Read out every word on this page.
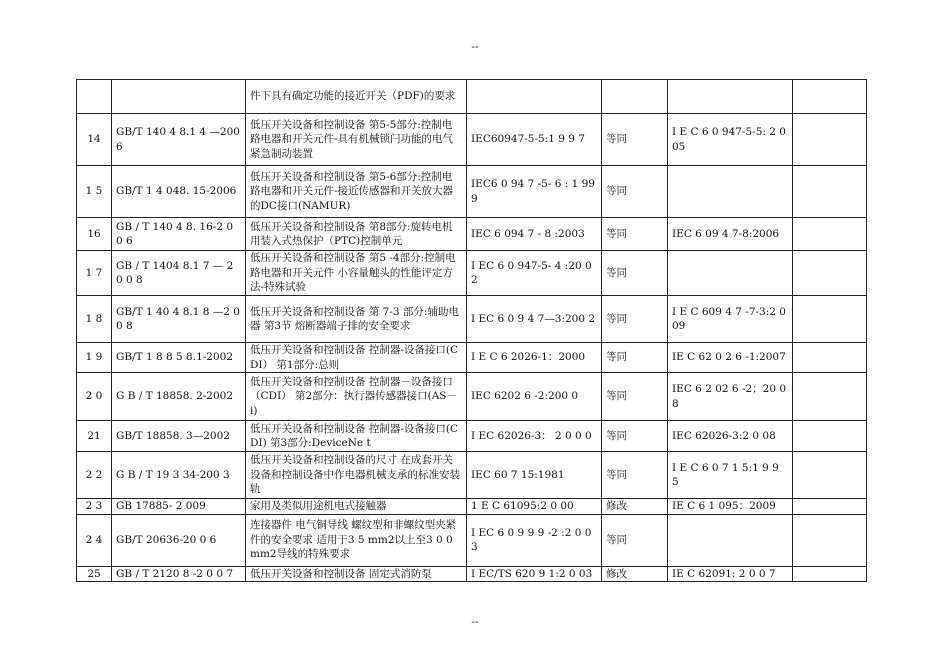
--
		件下具有确定功能的接近开关（PDF)的要求				
14	GB/T 140 4 8.1 4 —2006	低压开关设备和控制设备 第5-5部分:控制电路电器和开关元件-具有机械锁闩功能的电气紧急制动装置	IEC60947-5-5:1 9 9 7	等同	I E C 6 0 947-5-5: 2 005	
1 5	GB/T 1 4 048. 15-2006	低压开关设备和控制设备 第5-6部分:控制电路电器和开关元件-接近传感器和开关放大器的DC接口(NAMUR)	IEC6 0 94 7 -5- 6 : 1 999	等同		
16	GB / T 140 4 8. 16-2 0 0 6	低压开关设备和控制设备 第8部分:旋转电机用装入式热保护（PTC)控制单元	IEC 6 094 7 - 8 :2003	等同	IEC 6 09 4 7-8:2006	
1 7	GB / T 1404 8.1 7 — 2 0 0 8	低压开关设备和控制设备 第5 -4部分:控制电路电器和开关元件 小容量触头的性能评定方法-特殊试验	I EC 6 0 947-5- 4 :20 0 2	等同		
1 8	GB/T 1 40 4 8.1 8 —2 0 0 8	低压开关设备和控制设备 第 7-3 部分:辅助电器 第3节 熔断器端子排的安全要求	I EC 6 0 9 4 7—3:200 2	等同	I E C 609 4 7 -7-3:2 0 09	
1 9	GB/T 1 8 8 5 8.1-2002	低压开关设备和控制设备 控制器-设备接口(CDI） 第1部分:总则	I E C 6 2026-1：2000	等同	IE C 62 0 2 6 -1:2007	
2 0	G B / T 18858. 2-2002	低压开关设备和控制设备 控制器－设备接口（CDI） 第2部分：执行器传感器接口(AS－i)	IEC 6202 6 -2:200 0	等同	IEC 6 2 02 6 -2；20 0 8	
21	GB/T 18858. 3—2002	低压开关设备和控制设备 控制器-设备接口(CDI) 第3部分:DeviceNe t	I EC 62026-3： 2 0 0 0	等同	IEC 62026-3:2 0 08	
2 2	G B / T 19 3 34-200 3	低压开关设备和控制设备的尺寸 在成套开关设备和控制设备中作电器机械支承的标准安装轨	IEC 60 7 15:1981	等同	I E C 6 0 7 1 5:1 9 9 5	
2 3	GB 17885- 2 009	家用及类似用途机电式接触器	1 E C 61095:2 0 00	修改	IE C 6 1 095：2009	
2 4	GB/T 20636-20 0 6	连接器件 电气铜导线 螺纹型和非螺纹型夹紧件的安全要求 适用于3 5 mm2以上至3 0 0mm2导线的特殊要求	I EC 6 0 9 9 9 -2 :2 0 0 3	等同		
25	GB / T 2120 8 -2 0 0 7	低压开关设备和控制设备 固定式消防泵	I EC/TS 620 9 1:2 0 03	修改	IE C 62091: 2 0 0 7	
--
